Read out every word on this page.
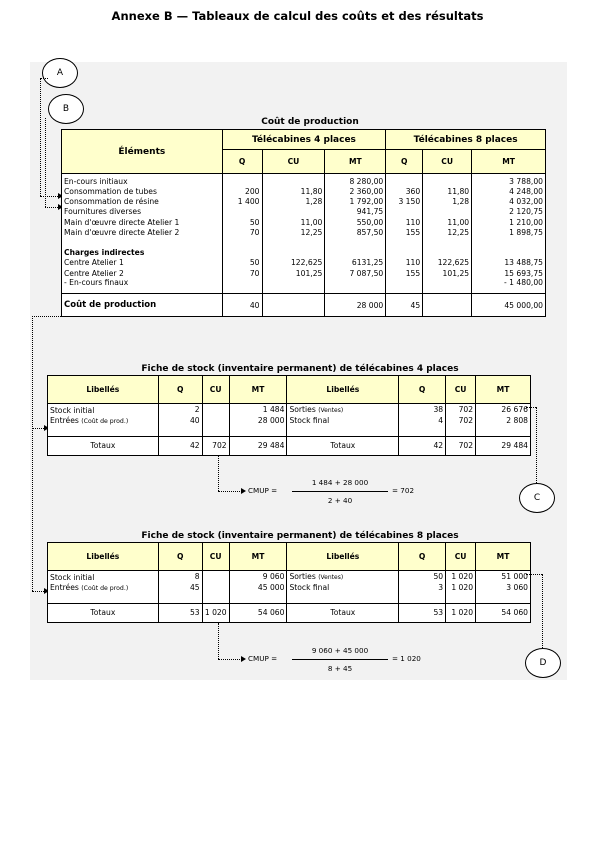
Annexe B — Tableaux de calcul des coûts et des résultats
A
B
Coût de production
Éléments	Télécabines 4 places			Télécabines 8 places		
	Q	CU	MT	Q	CU	MT
En-cours initiaux			8 280,00			3 788,00
Consommation de tubes	200	11,80	2 360,00	360	11,80	4 248,00
Consommation de résine	1 400	1,28	1 792,00	3 150	1,28	4 032,00
Fournitures diverses			941,75			2 120,75
Main d'œuvre directe Atelier 1	50	11,00	550,00	110	11,00	1 210,00
Main d'œuvre directe Atelier 2	70	12,25	857,50	155	12,25	1 898,75

Charges indirectes						
Centre Atelier 1	50	122,625	6131,25	110	122,625	13 488,75
Centre Atelier 2	70	101,25	7 087,50	155	101,25	15 693,75
- En-cours finaux						- 1 480,00
Coût de production	40		28 000	45		45 000,00
Fiche de stock (inventaire permanent) de télécabines 4 places
Libellés	Q	CU	MT	Libellés	Q	CU	MT
Stock initial	2		1 484	Sorties (Ventes)	38	702	26 676
Entrées (Coût de prod.)	40		28 000	Stock final	4	702	2 808

Totaux	42	702	29 484	Totaux	42	702	29 484
CMUP =
1 484 + 28 000
2 + 40
= 702
C
Fiche de stock (inventaire permanent) de télécabines 8 places
Libellés	Q	CU	MT	Libellés	Q	CU	MT
Stock initial	8		9 060	Sorties (Ventes)	50	1 020	51 000
Entrées (Coût de prod.)	45		45 000	Stock final	3	1 020	3 060

Totaux	53	1 020	54 060	Totaux	53	1 020	54 060
CMUP =
9 060 + 45 000
8 + 45
= 1 020	D
